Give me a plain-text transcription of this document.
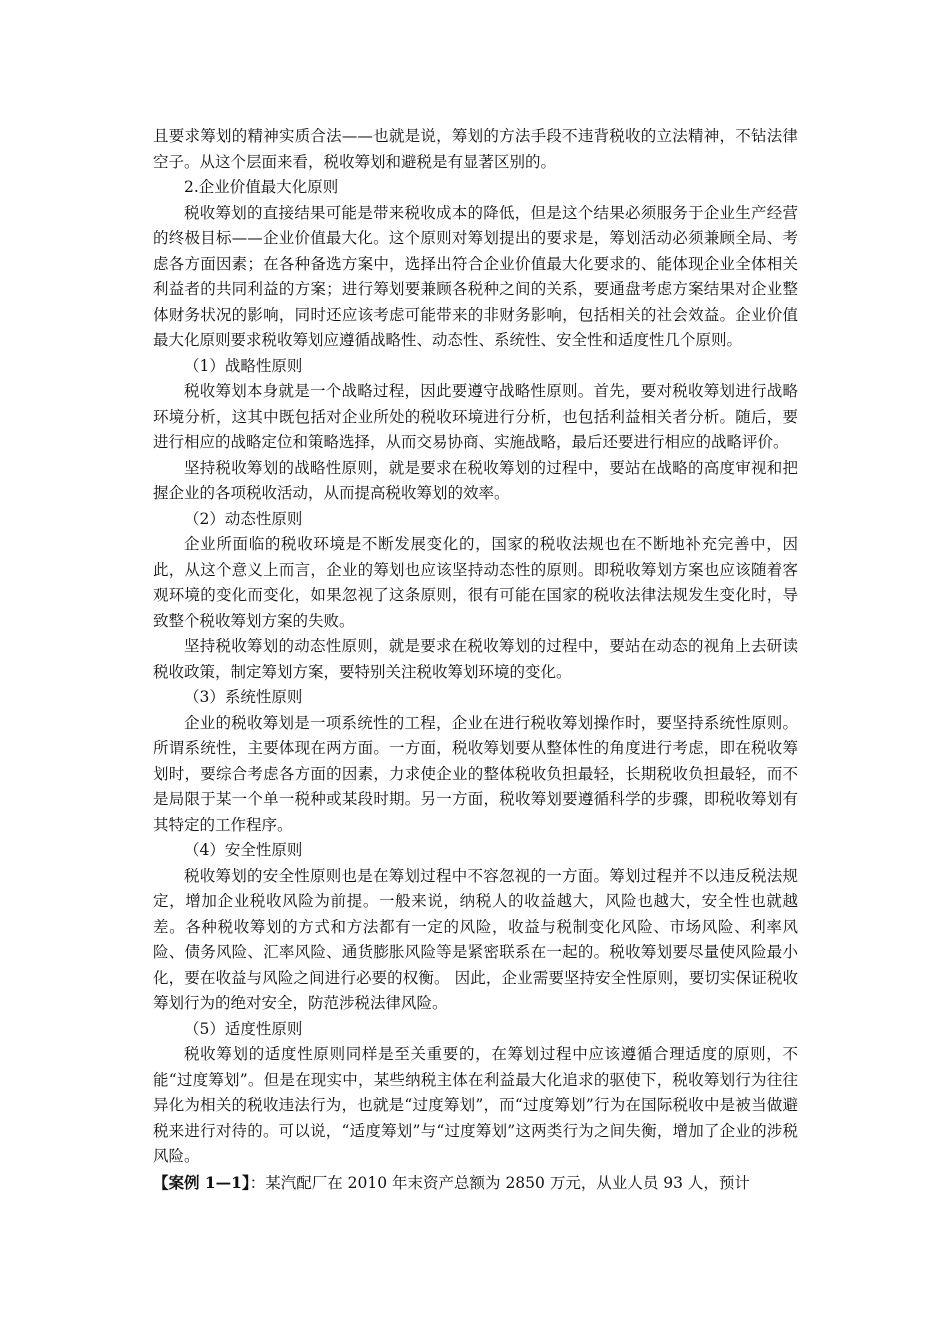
且要求筹划的精神实质合法——也就是说，筹划的方法手段不违背税收的立法精神，不钻法律空子。从这个层面来看，税收筹划和避税是有显著区别的。

2.企业价值最大化原则

税收筹划的直接结果可能是带来税收成本的降低，但是这个结果必须服务于企业生产经营的终极目标——企业价值最大化。这个原则对筹划提出的要求是，筹划活动必须兼顾全局、考虑各方面因素；在各种备选方案中，选择出符合企业价值最大化要求的、能体现企业全体相关利益者的共同利益的方案；进行筹划要兼顾各税种之间的关系，要通盘考虑方案结果对企业整体财务状况的影响，同时还应该考虑可能带来的非财务影响，包括相关的社会效益。企业价值最大化原则要求税收筹划应遵循战略性、动态性、系统性、安全性和适度性几个原则。

（1）战略性原则

税收筹划本身就是一个战略过程，因此要遵守战略性原则。首先，要对税收筹划进行战略环境分析，这其中既包括对企业所处的税收环境进行分析，也包括利益相关者分析。随后，要进行相应的战略定位和策略选择，从而交易协商、实施战略，最后还要进行相应的战略评价。

坚持税收筹划的战略性原则，就是要求在税收筹划的过程中，要站在战略的高度审视和把握企业的各项税收活动，从而提高税收筹划的效率。

（2）动态性原则

企业所面临的税收环境是不断发展变化的，国家的税收法规也在不断地补充完善中，因此，从这个意义上而言，企业的筹划也应该坚持动态性的原则。即税收筹划方案也应该随着客观环境的变化而变化，如果忽视了这条原则，很有可能在国家的税收法律法规发生变化时，导致整个税收筹划方案的失败。

坚持税收筹划的动态性原则，就是要求在税收筹划的过程中，要站在动态的视角上去研读税收政策，制定筹划方案，要特别关注税收筹划环境的变化。

（3）系统性原则

企业的税收筹划是一项系统性的工程，企业在进行税收筹划操作时，要坚持系统性原则。所谓系统性，主要体现在两方面。一方面，税收筹划要从整体性的角度进行考虑，即在税收筹划时，要综合考虑各方面的因素，力求使企业的整体税收负担最轻，长期税收负担最轻，而不是局限于某一个单一税种或某段时期。另一方面，税收筹划要遵循科学的步骤，即税收筹划有其特定的工作程序。

（4）安全性原则

税收筹划的安全性原则也是在筹划过程中不容忽视的一方面。筹划过程并不以违反税法规定，增加企业税收风险为前提。一般来说，纳税人的收益越大，风险也越大，安全性也就越差。各种税收筹划的方式和方法都有一定的风险，收益与税制变化风险、市场风险、利率风险、债务风险、汇率风险、通货膨胀风险等是紧密联系在一起的。税收筹划要尽量使风险最小化，要在收益与风险之间进行必要的权衡。 因此，企业需要坚持安全性原则，要切实保证税收筹划行为的绝对安全，防范涉税法律风险。

（5）适度性原则

税收筹划的适度性原则同样是至关重要的，在筹划过程中应该遵循合理适度的原则，不能“过度筹划”。但是在现实中，某些纳税主体在利益最大化追求的驱使下，税收筹划行为往往异化为相关的税收违法行为，也就是“过度筹划”，而“过度筹划”行为在国际税收中是被当做避税来进行对待的。可以说，“适度筹划”与“过度筹划”这两类行为之间失衡，增加了企业的涉税风险。

【案例 1—1】：某汽配厂在 2010 年末资产总额为 2850 万元，从业人员 93 人，预计
